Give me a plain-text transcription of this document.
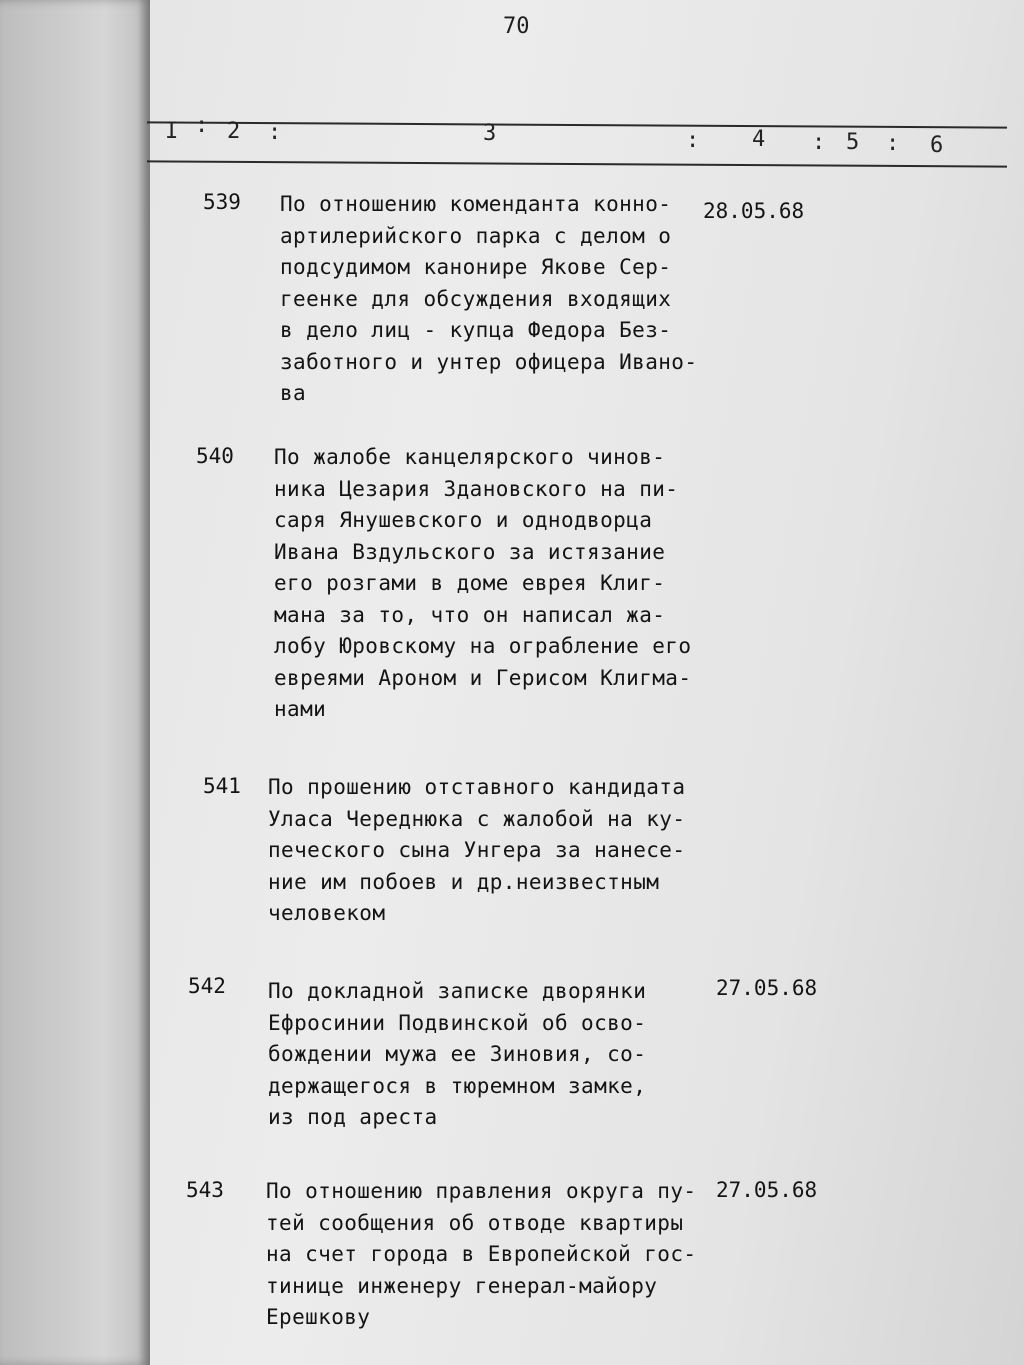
70
I : 2 :	3	: 4 : 5 : 6
539 По отношению коменданта конно-
артилерийского парка с делом о
подсудимом канонире Якове Сер-
геенке для обсуждения входящих
в дело лиц - купца Федора Без-
заботного и унтер офицера Ивано-
ва
28.05.68
540 По жалобе канцелярского чинов-
ника Цезария Здановского на пи-
саря Янушевского и однодворца
Ивана Вздульского за истязание
его розгами в доме еврея Клиг-
мана за то, что он написал жа-
лобу Юровскому на ограбление его
евреями Ароном и Герисом Клигма-
нами
541 По прошению отставного кандидата
Уласа Череднюка с жалобой на ку-
печеского сына Унгера за нанесе-
ние им побоев и др.неизвестным
человеком
542 По докладной записке дворянки
Ефросинии Подвинской об осво-
бождении мужа ее Зиновия, со-
держащегося в тюремном замке,
из под ареста
27.05.68
543 По отношению правления округа пу-
тей сообщения об отводе квартиры
на счет города в Европейской гос-
тинице инженеру генерал-майору
Ерешкову
27.05.68
